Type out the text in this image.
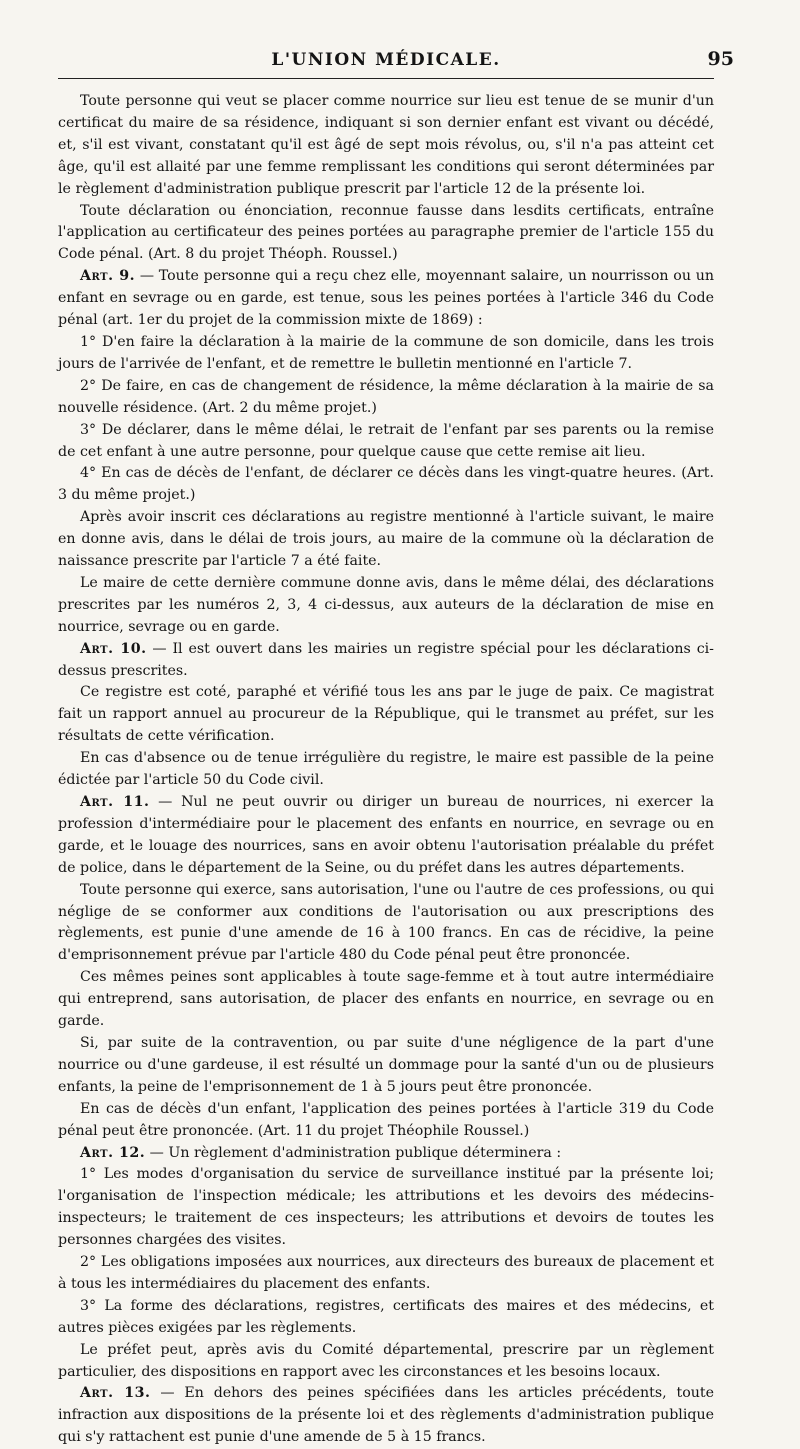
L'UNION MÉDICALE.	95

Toute personne qui veut se placer comme nourrice sur lieu est tenue de se munir d'un certificat du maire de sa résidence, indiquant si son dernier enfant est vivant ou décédé, et, s'il est vivant, constatant qu'il est âgé de sept mois révolus, ou, s'il n'a pas atteint cet âge, qu'il est allaité par une femme remplissant les conditions qui seront déterminées par le règlement d'administration publique prescrit par l'article 12 de la présente loi.

Toute déclaration ou énonciation, reconnue fausse dans lesdits certificats, entraîne l'application au certificateur des peines portées au paragraphe premier de l'article 155 du Code pénal. (Art. 8 du projet Théoph. Roussel.)

Art. 9. — Toute personne qui a reçu chez elle, moyennant salaire, un nourrisson ou un enfant en sevrage ou en garde, est tenue, sous les peines portées à l'article 346 du Code pénal (art. 1er du projet de la commission mixte de 1869) :

1° D'en faire la déclaration à la mairie de la commune de son domicile, dans les trois jours de l'arrivée de l'enfant, et de remettre le bulletin mentionné en l'article 7.

2° De faire, en cas de changement de résidence, la même déclaration à la mairie de sa nouvelle résidence. (Art. 2 du même projet.)

3° De déclarer, dans le même délai, le retrait de l'enfant par ses parents ou la remise de cet enfant à une autre personne, pour quelque cause que cette remise ait lieu.

4° En cas de décès de l'enfant, de déclarer ce décès dans les vingt-quatre heures. (Art. 3 du même projet.)

Après avoir inscrit ces déclarations au registre mentionné à l'article suivant, le maire en donne avis, dans le délai de trois jours, au maire de la commune où la déclaration de naissance prescrite par l'article 7 a été faite.

Le maire de cette dernière commune donne avis, dans le même délai, des déclarations prescrites par les numéros 2, 3, 4 ci-dessus, aux auteurs de la déclaration de mise en nourrice, sevrage ou en garde.

Art. 10. — Il est ouvert dans les mairies un registre spécial pour les déclarations ci-dessus prescrites.

Ce registre est coté, paraphé et vérifié tous les ans par le juge de paix. Ce magistrat fait un rapport annuel au procureur de la République, qui le transmet au préfet, sur les résultats de cette vérification.

En cas d'absence ou de tenue irrégulière du registre, le maire est passible de la peine édictée par l'article 50 du Code civil.

Art. 11. — Nul ne peut ouvrir ou diriger un bureau de nourrices, ni exercer la profession d'intermédiaire pour le placement des enfants en nourrice, en sevrage ou en garde, et le louage des nourrices, sans en avoir obtenu l'autorisation préalable du préfet de police, dans le département de la Seine, ou du préfet dans les autres départements.

Toute personne qui exerce, sans autorisation, l'une ou l'autre de ces professions, ou qui néglige de se conformer aux conditions de l'autorisation ou aux prescriptions des règlements, est punie d'une amende de 16 à 100 francs. En cas de récidive, la peine d'emprisonnement prévue par l'article 480 du Code pénal peut être prononcée.

Ces mêmes peines sont applicables à toute sage-femme et à tout autre intermédiaire qui entreprend, sans autorisation, de placer des enfants en nourrice, en sevrage ou en garde.

Si, par suite de la contravention, ou par suite d'une négligence de la part d'une nourrice ou d'une gardeuse, il est résulté un dommage pour la santé d'un ou de plusieurs enfants, la peine de l'emprisonnement de 1 à 5 jours peut être prononcée.

En cas de décès d'un enfant, l'application des peines portées à l'article 319 du Code pénal peut être prononcée. (Art. 11 du projet Théophile Roussel.)

Art. 12. — Un règlement d'administration publique déterminera :

1° Les modes d'organisation du service de surveillance institué par la présente loi; l'organisation de l'inspection médicale; les attributions et les devoirs des médecins-inspecteurs; le traitement de ces inspecteurs; les attributions et devoirs de toutes les personnes chargées des visites.

2° Les obligations imposées aux nourrices, aux directeurs des bureaux de placement et à tous les intermédiaires du placement des enfants.

3° La forme des déclarations, registres, certificats des maires et des médecins, et autres pièces exigées par les règlements.

Le préfet peut, après avis du Comité départemental, prescrire par un règlement particulier, des dispositions en rapport avec les circonstances et les besoins locaux.

Art. 13. — En dehors des peines spécifiées dans les articles précédents, toute infraction aux dispositions de la présente loi et des règlements d'administration publique qui s'y rattachent est punie d'une amende de 5 à 15 francs.
